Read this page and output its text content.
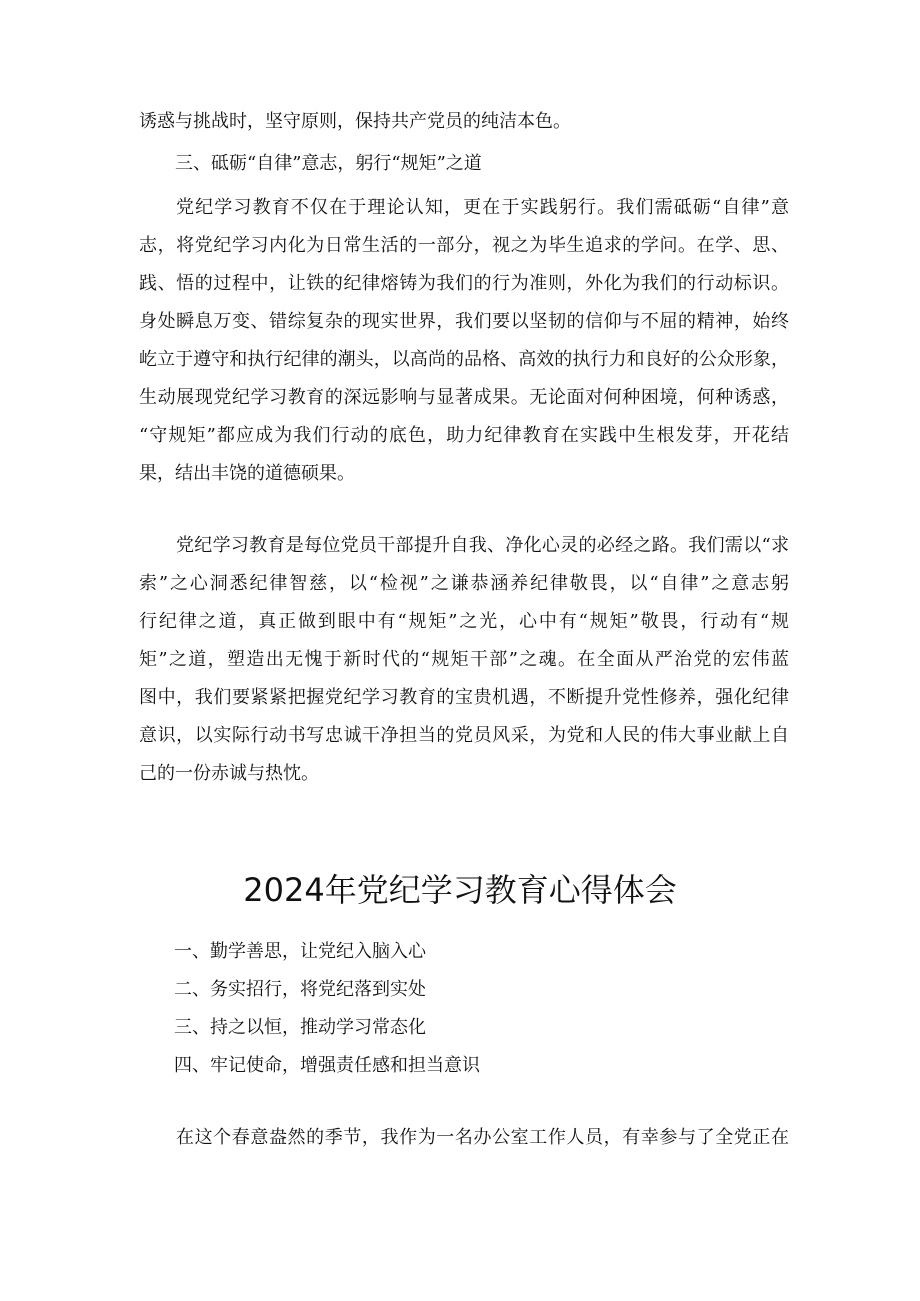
诱惑与挑战时，坚守原则，保持共产党员的纯洁本色。
三、砥砺“自律”意志，躬行“规矩”之道
党纪学习教育不仅在于理论认知，更在于实践躬行。我们需砥砺“自律”意
志，将党纪学习内化为日常生活的一部分，视之为毕生追求的学问。在学、思、
践、悟的过程中，让铁的纪律熔铸为我们的行为准则，外化为我们的行动标识。
身处瞬息万变、错综复杂的现实世界，我们要以坚韧的信仰与不屈的精神，始终
屹立于遵守和执行纪律的潮头，以高尚的品格、高效的执行力和良好的公众形象，
生动展现党纪学习教育的深远影响与显著成果。无论面对何种困境，何种诱惑，
“守规矩”都应成为我们行动的底色，助力纪律教育在实践中生根发芽，开花结
果，结出丰饶的道德硕果。
党纪学习教育是每位党员干部提升自我、净化心灵的必经之路。我们需以“求
索”之心洞悉纪律智慈，以“检视”之谦恭涵养纪律敬畏，以“自律”之意志躬
行纪律之道，真正做到眼中有“规矩”之光，心中有“规矩”敬畏，行动有“规
矩”之道，塑造出无愧于新时代的“规矩干部”之魂。在全面从严治党的宏伟蓝
图中，我们要紧紧把握党纪学习教育的宝贵机遇，不断提升党性修养，强化纪律
意识，以实际行动书写忠诚干净担当的党员风采，为党和人民的伟大事业献上自
己的一份赤诚与热忱。
2024年党纪学习教育心得体会
一、勤学善思，让党纪入脑入心
二、务实招行，将党纪落到实处
三、持之以恒，推动学习常态化
四、牢记使命，增强责任感和担当意识
在这个春意盎然的季节，我作为一名办公室工作人员，有幸参与了全党正在
